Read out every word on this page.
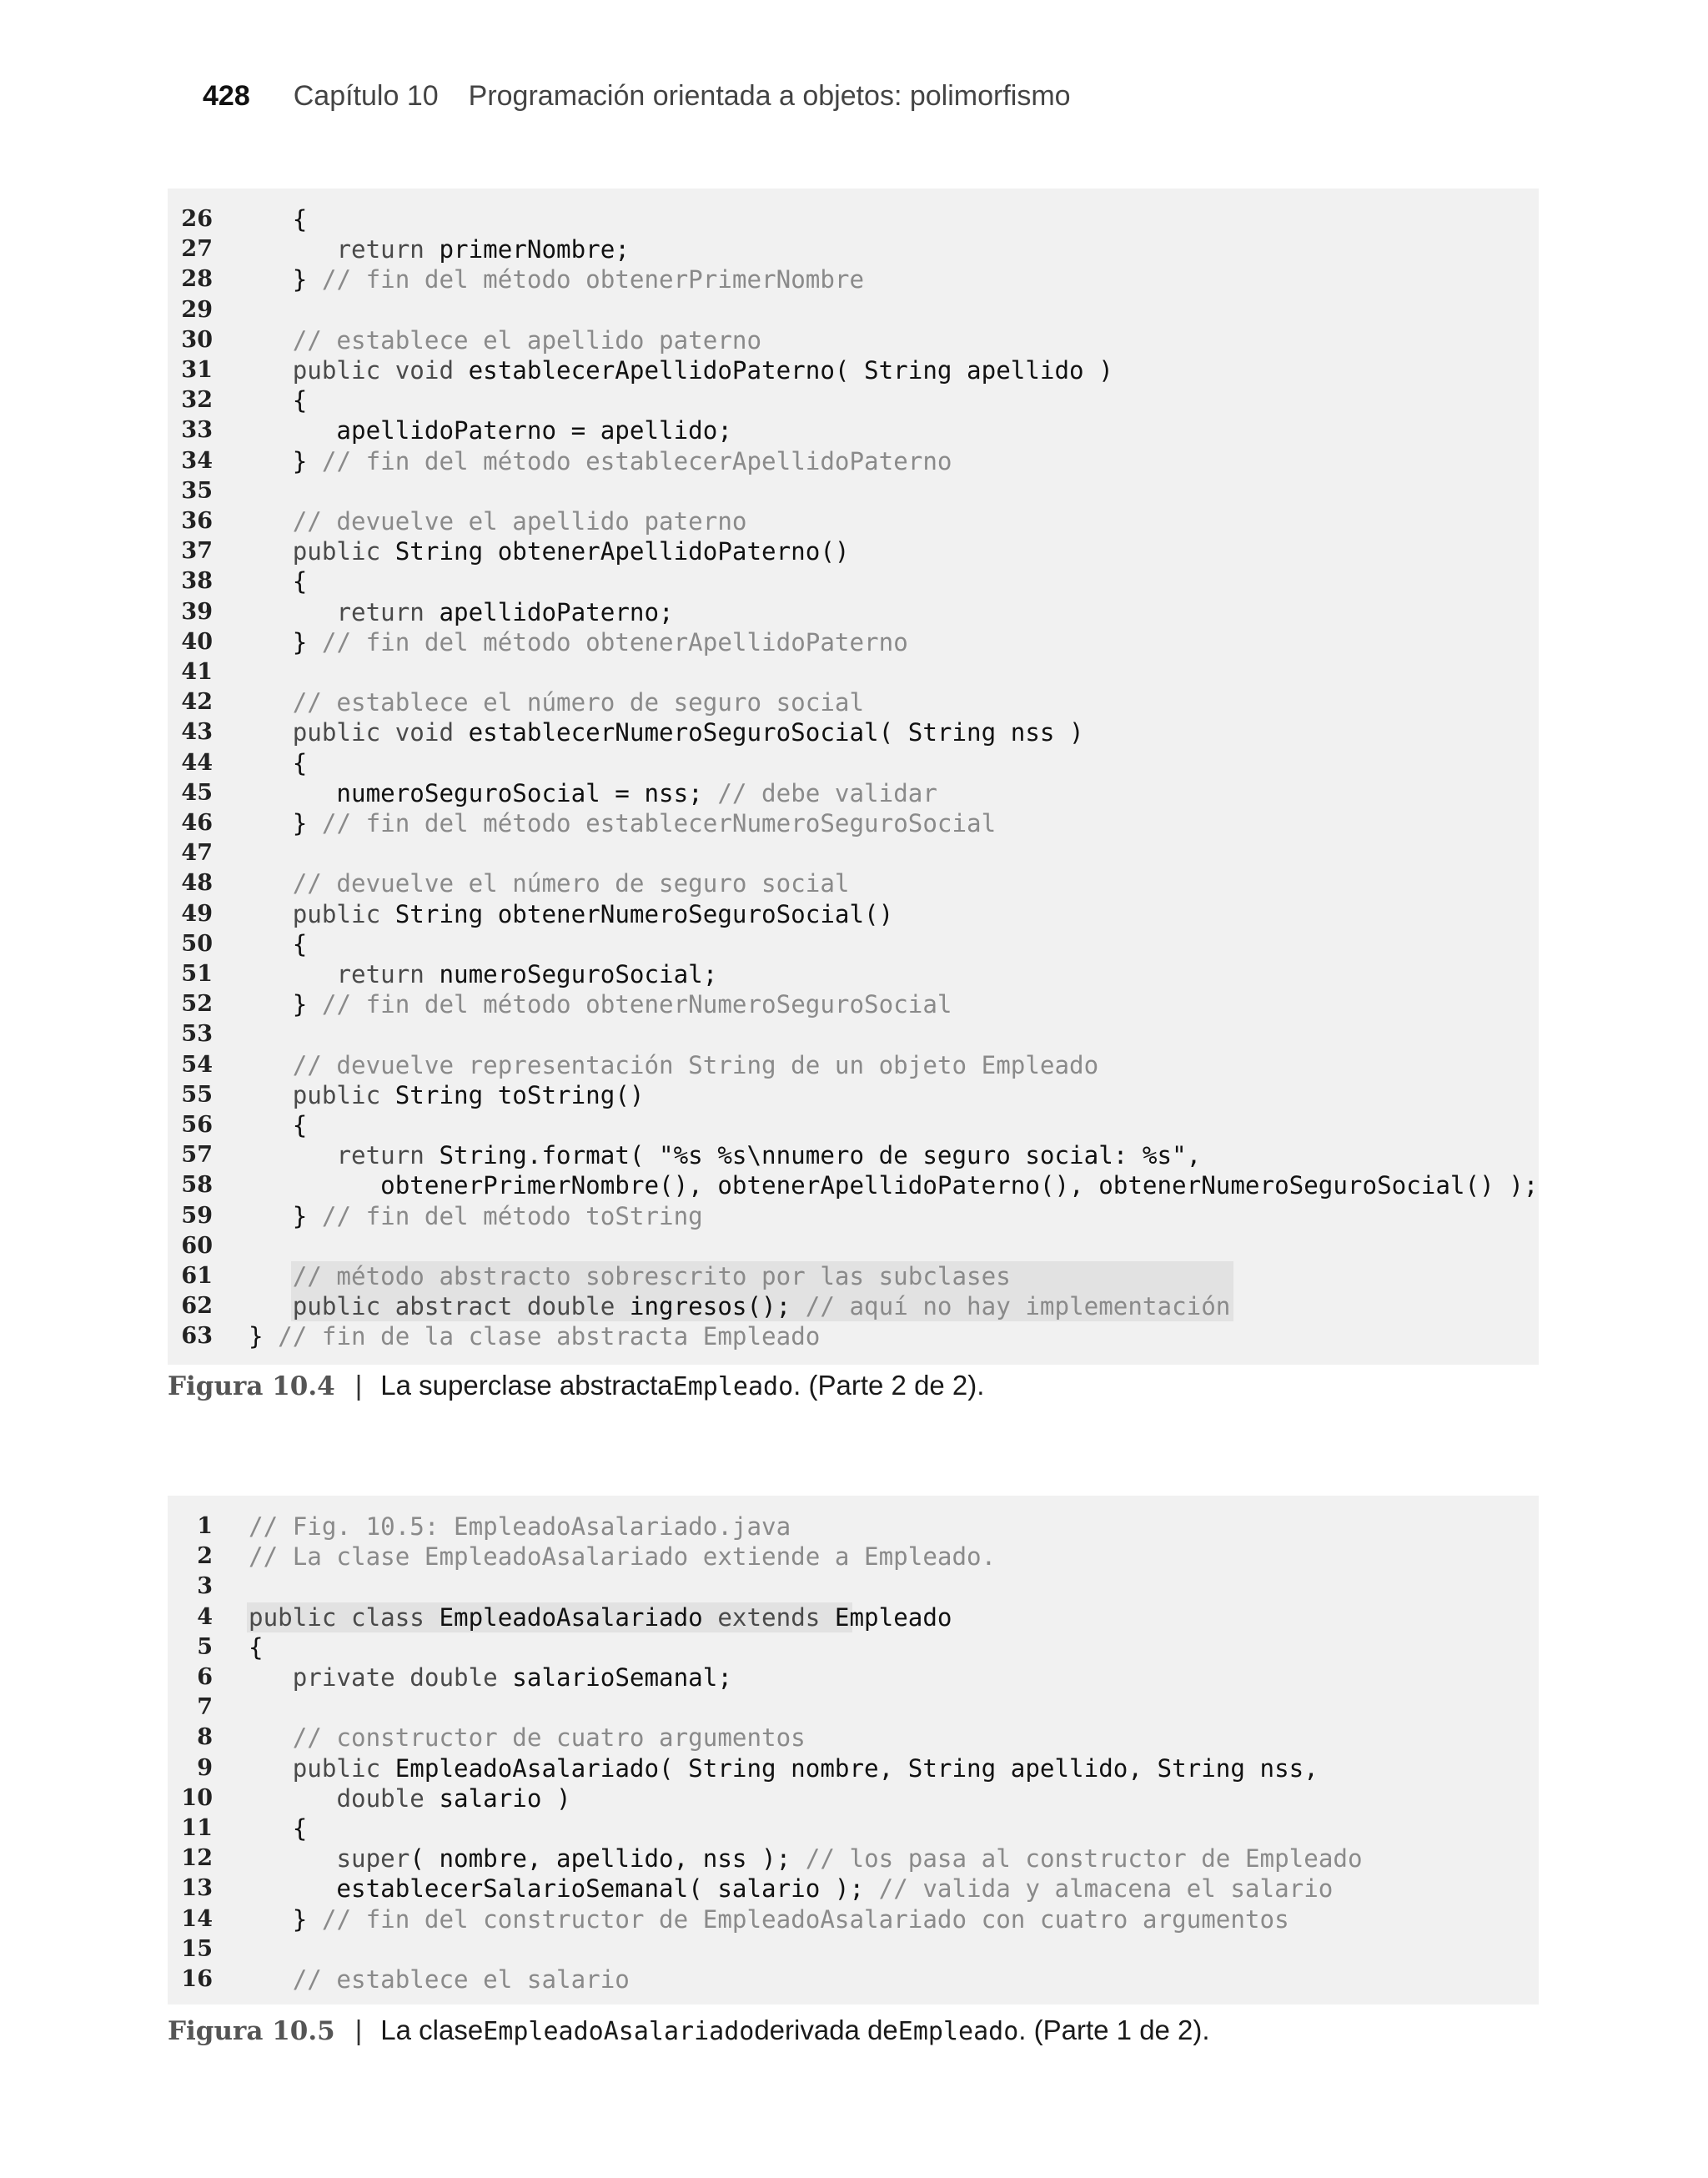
428 Capítulo 10 Programación orientada a objetos: polimorfismo
26 {
27	return primerNombre;
28 } // fin del método obtenerPrimerNombre
29
30	// establece el apellido paterno
31	public void establecerApellidoPaterno( String apellido )
32 {
33 apellidoPaterno = apellido;
34 } // fin del método establecerApellidoPaterno
35
36	// devuelve el apellido paterno
37	public String obtenerApellidoPaterno()
38 {
39	return apellidoPaterno;
40 } // fin del método obtenerApellidoPaterno
41
42	// establece el número de seguro social
43	public void establecerNumeroSeguroSocial( String nss )
44 {
45 numeroSeguroSocial = nss; // debe validar
46 } // fin del método establecerNumeroSeguroSocial
47
48	// devuelve el número de seguro social
49	public String obtenerNumeroSeguroSocial()
50 {
51	return numeroSeguroSocial;
52 } // fin del método obtenerNumeroSeguroSocial
53
54	// devuelve representación String de un objeto Empleado
55	public String toString()
56 {
57	return String.format( "%s %s\nnumero de seguro social: %s",
58 obtenerPrimerNombre(), obtenerApellidoPaterno(), obtenerNumeroSeguroSocial() );
59 } // fin del método toString
60
61	// método abstracto sobrescrito por las subclases
62	public abstract double ingresos(); // aquí no hay implementación
63 } // fin de la clase abstracta Empleado
Figura 10.4 | La superclase abstracta Empleado . (Parte 2 de 2).
1 // Fig. 10.5: EmpleadoAsalariado.java
2 // La clase EmpleadoAsalariado extiende a Empleado.
3
4 public class EmpleadoAsalariado extends Empleado
5 {
6	private double salarioSemanal;
7
8	// constructor de cuatro argumentos
9	public EmpleadoAsalariado( String nombre, String apellido, String nss,
10	double salario )
11 {
12	super( nombre, apellido, nss ); // los pasa al constructor de Empleado
13 establecerSalarioSemanal( salario ); // valida y almacena el salario
14 } // fin del constructor de EmpleadoAsalariado con cuatro argumentos
15
16	// establece el salario
Figura 10.5 | La clase EmpleadoAsalariado derivada de Empleado . (Parte 1 de 2).
